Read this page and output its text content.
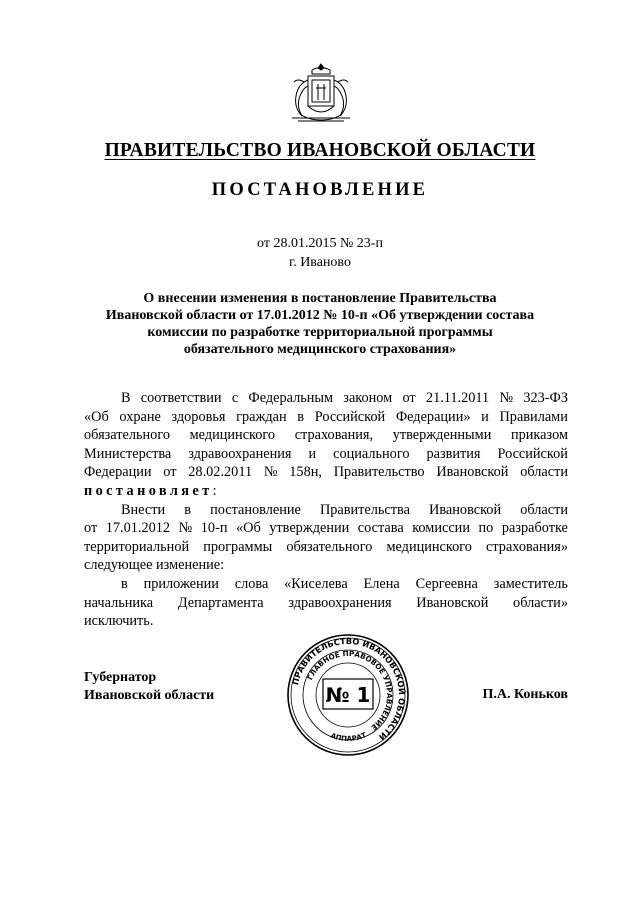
ПРАВИТЕЛЬСТВО ИВАНОВСКОЙ ОБЛАСТИ
ПОСТАНОВЛЕНИЕ
от 28.01.2015 № 23-п
г. Иваново
О внесении изменения в постановление Правительства
Ивановской области от 17.01.2012 № 10-п «Об утверждении состава
комиссии по разработке территориальной программы
обязательного медицинского страхования»
В соответствии с Федеральным законом от 21.11.2011 № 323-ФЗ
«Об охране здоровья граждан в Российской Федерации» и Правилами
обязательного медицинского страхования, утвержденными приказом
Министерства здравоохранения и социального развития Российской
Федерации от 28.02.2011 № 158н, Правительство Ивановской области
постановляет:
Внести в постановление Правительства Ивановской области
от 17.01.2012 № 10-п «Об утверждении состава комиссии по разработке
территориальной программы обязательного медицинского страхования»
следующее изменение:
в приложении слова «Киселева Елена Сергеевна заместитель
начальника Департамента здравоохранения Ивановской области»
исключить.
Губернатор
Ивановской области	П.А. Коньков
ПРАВИТЕЛЬСТВО ИВАНОВСКОЙ ОБЛАСТИ
ГЛАВНОЕ ПРАВОВОЕ УПРАВЛЕНИЕ
АППАРАТ
№ 1
